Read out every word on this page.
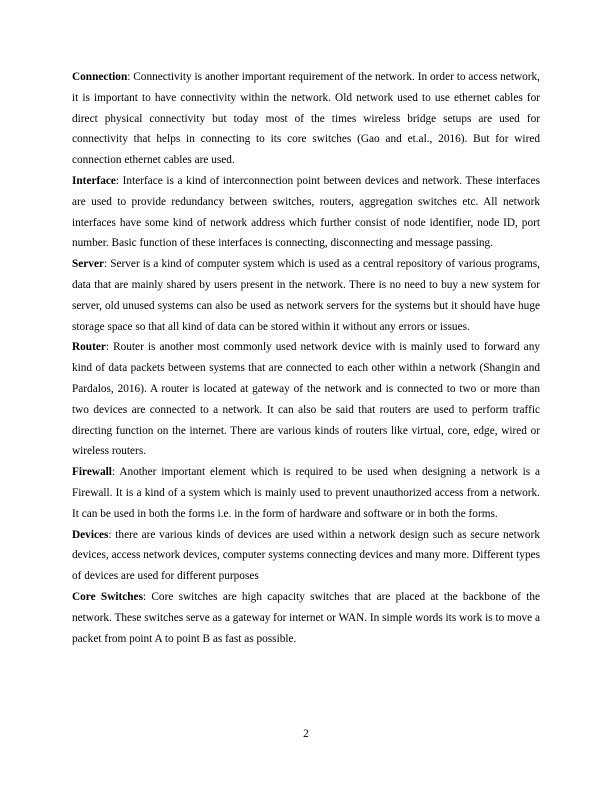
Connection: Connectivity is another important requirement of the network. In order to access network, it is important to have connectivity within the network. Old network used to use ethernet cables for direct physical connectivity but today most of the times wireless bridge setups are used for connectivity that helps in connecting to its core switches (Gao and et.al., 2016). But for wired connection ethernet cables are used.

Interface: Interface is a kind of interconnection point between devices and network. These interfaces are used to provide redundancy between switches, routers, aggregation switches etc. All network interfaces have some kind of network address which further consist of node identifier, node ID, port number. Basic function of these interfaces is connecting, disconnecting and message passing.

Server: Server is a kind of computer system which is used as a central repository of various programs, data that are mainly shared by users present in the network. There is no need to buy a new system for server, old unused systems can also be used as network servers for the systems but it should have huge storage space so that all kind of data can be stored within it without any errors or issues.

Router: Router is another most commonly used network device with is mainly used to forward any kind of data packets between systems that are connected to each other within a network (Shangin and Pardalos, 2016). A router is located at gateway of the network and is connected to two or more than two devices are connected to a network. It can also be said that routers are used to perform traffic directing function on the internet. There are various kinds of routers like virtual, core, edge, wired or wireless routers.

Firewall: Another important element which is required to be used when designing a network is a Firewall. It is a kind of a system which is mainly used to prevent unauthorized access from a network. It can be used in both the forms i.e. in the form of hardware and software or in both the forms.

Devices: there are various kinds of devices are used within a network design such as secure network devices, access network devices, computer systems connecting devices and many more. Different types of devices are used for different purposes

Core Switches: Core switches are high capacity switches that are placed at the backbone of the network. These switches serve as a gateway for internet or WAN. In simple words its work is to move a packet from point A to point B as fast as possible.

2
